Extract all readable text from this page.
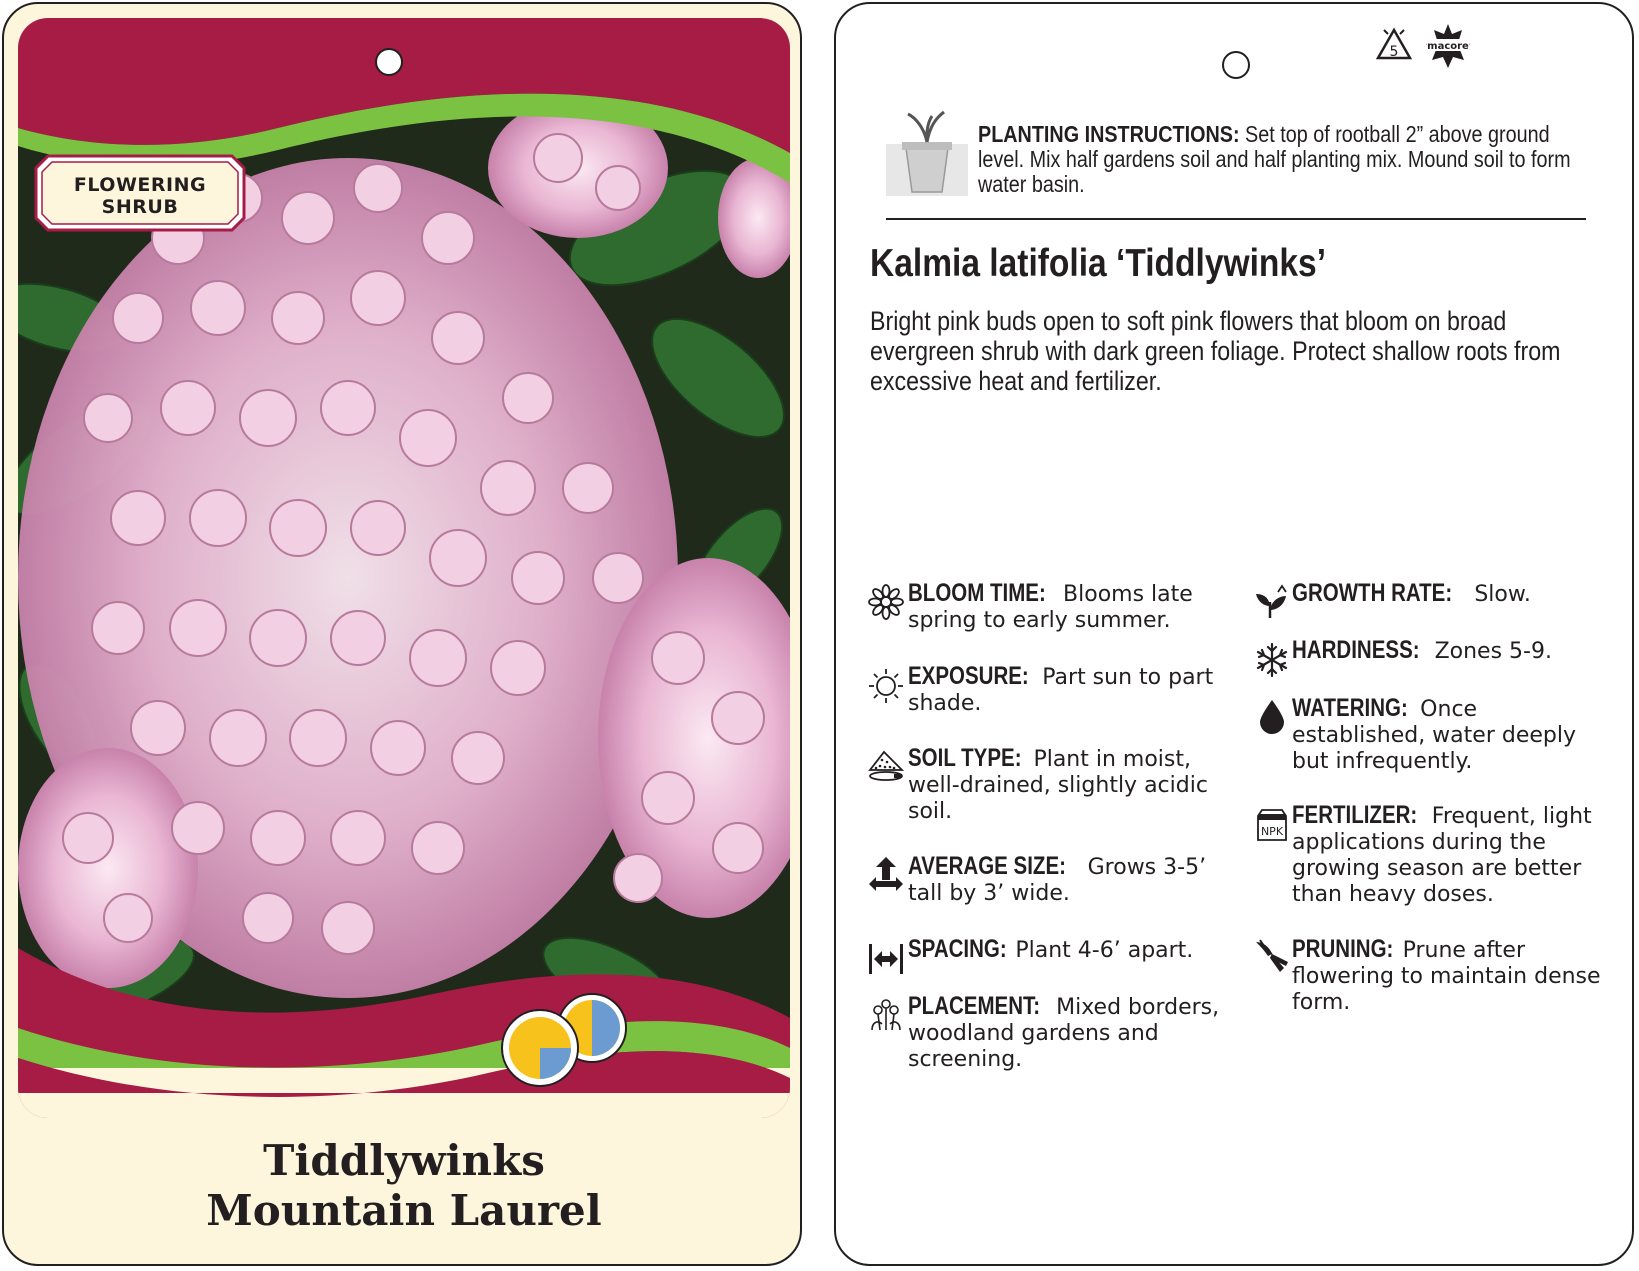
FLOWERING
SHRUB
Tiddlywinks
Mountain Laurel
5	macore
PLANTING INSTRUCTIONS: Set top of rootball 2” above ground level. Mix half gardens soil and half planting mix. Mound soil to form water basin.
Kalmia latifolia ‘Tiddlywinks’
Bright pink buds open to soft pink flowers that bloom on broad evergreen shrub with dark green foliage. Protect shallow roots from excessive heat and fertilizer.
BLOOM TIME: Blooms late spring to early summer.
EXPOSURE: Part sun to part shade.
SOIL TYPE: Plant in moist, well-drained, slightly acidic soil.
AVERAGE SIZE: Grows 3-5’ tall by 3’ wide.
SPACING: Plant 4-6’ apart.
PLACEMENT: Mixed borders, woodland gardens and screening.
GROWTH RATE: Slow.
HARDINESS: Zones 5-9.
WATERING: Once established, water deeply but infrequently.
NPK
FERTILIZER: Frequent, light applications during the growing season are better than heavy doses.
PRUNING: Prune after flowering to maintain dense form.
